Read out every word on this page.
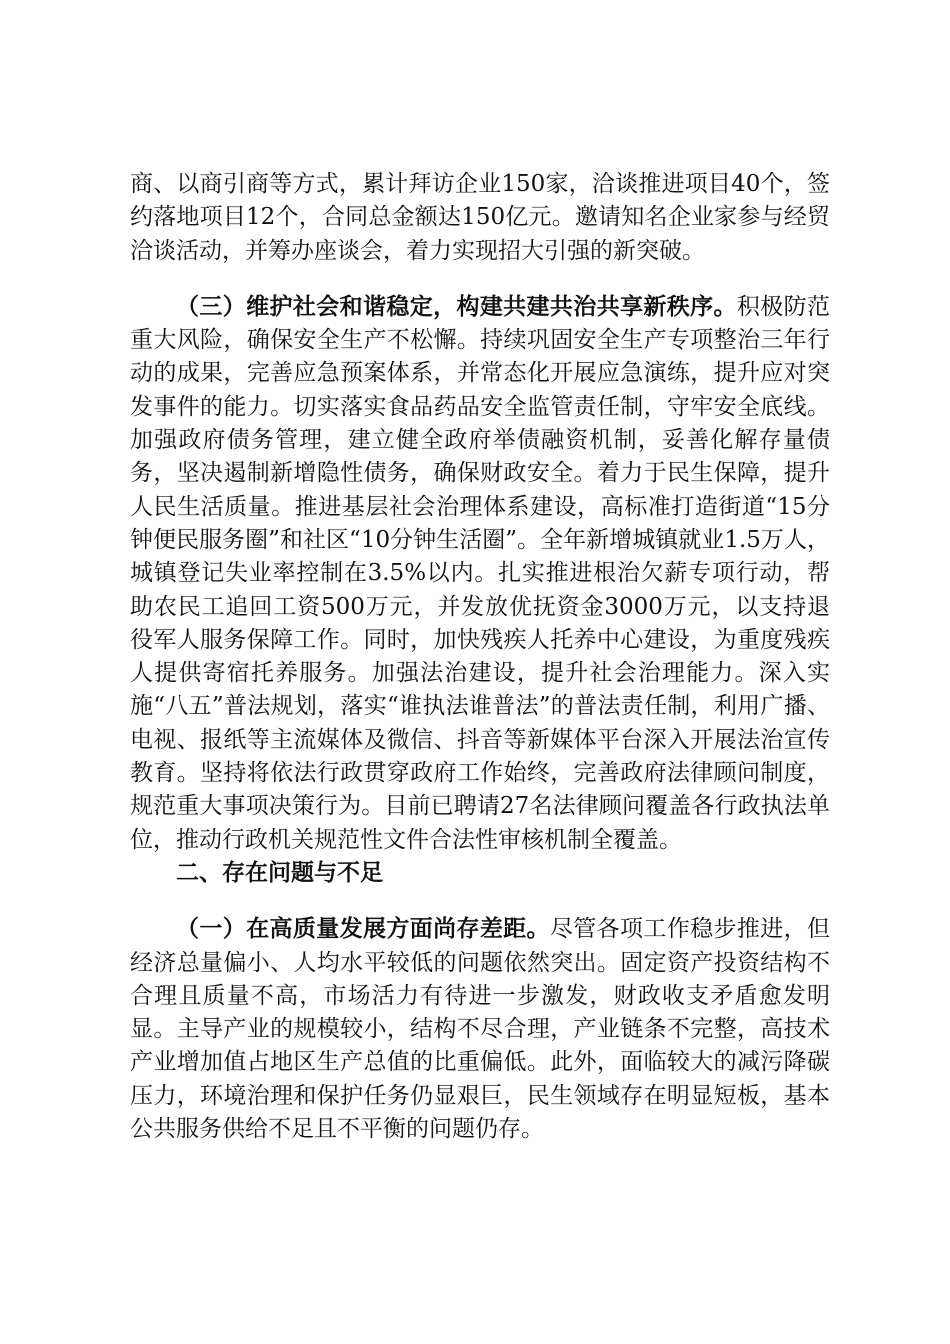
商、以商引商等方式，累计拜访企业150家，洽谈推进项目40个，签约落地项目12个，合同总金额达150亿元。邀请知名企业家参与经贸洽谈活动，并筹办座谈会，着力实现招大引强的新突破。

（三）维护社会和谐稳定，构建共建共治共享新秩序。积极防范重大风险，确保安全生产不松懈。持续巩固安全生产专项整治三年行动的成果，完善应急预案体系，并常态化开展应急演练，提升应对突发事件的能力。切实落实食品药品安全监管责任制，守牢安全底线。加强政府债务管理，建立健全政府举债融资机制，妥善化解存量债务，坚决遏制新增隐性债务，确保财政安全。着力于民生保障，提升人民生活质量。推进基层社会治理体系建设，高标准打造街道“15分钟便民服务圈”和社区“10分钟生活圈”。全年新增城镇就业1.5万人，城镇登记失业率控制在3.5%以内。扎实推进根治欠薪专项行动，帮助农民工追回工资500万元，并发放优抚资金3000万元，以支持退役军人服务保障工作。同时，加快残疾人托养中心建设，为重度残疾人提供寄宿托养服务。加强法治建设，提升社会治理能力。深入实施“八五”普法规划，落实“谁执法谁普法”的普法责任制，利用广播、电视、报纸等主流媒体及微信、抖音等新媒体平台深入开展法治宣传教育。坚持将依法行政贯穿政府工作始终，完善政府法律顾问制度，规范重大事项决策行为。目前已聘请27名法律顾问覆盖各行政执法单位，推动行政机关规范性文件合法性审核机制全覆盖。

二、存在问题与不足

（一）在高质量发展方面尚存差距。尽管各项工作稳步推进，但经济总量偏小、人均水平较低的问题依然突出。固定资产投资结构不合理且质量不高，市场活力有待进一步激发，财政收支矛盾愈发明显。主导产业的规模较小，结构不尽合理，产业链条不完整，高技术产业增加值占地区生产总值的比重偏低。此外，面临较大的减污降碳压力，环境治理和保护任务仍显艰巨，民生领域存在明显短板，基本公共服务供给不足且不平衡的问题仍存。
